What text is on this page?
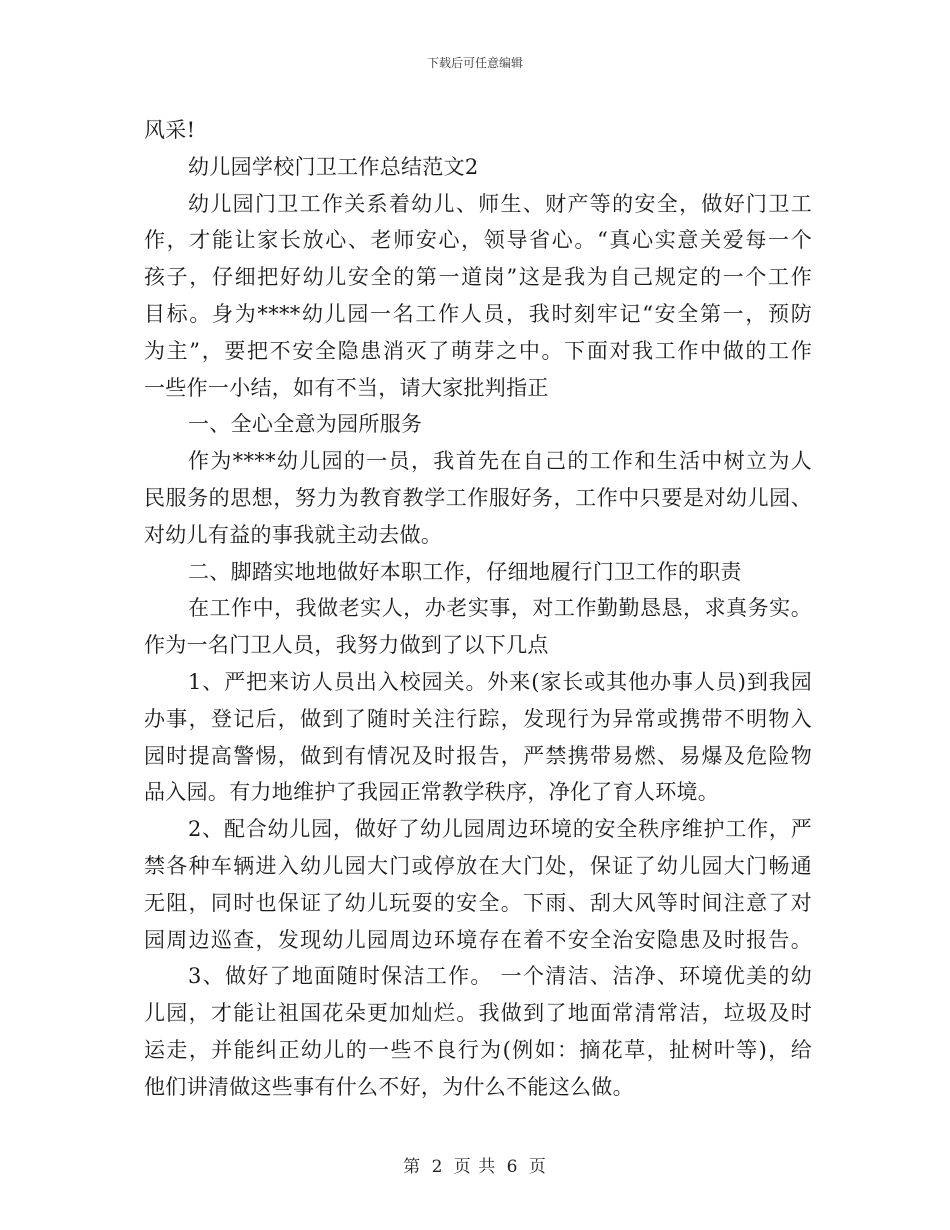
下载后可任意编辑
风采!
幼儿园学校门卫工作总结范文2
幼儿园门卫工作关系着幼儿、师生、财产等的安全，做好门卫工
作，才能让家长放心、老师安心，领导省心。“真心实意关爱每一个
孩子，仔细把好幼儿安全的第一道岗”这是我为自己规定的一个工作
目标。身为****幼儿园一名工作人员，我时刻牢记“安全第一，预防
为主”，要把不安全隐患消灭了萌芽之中。下面对我工作中做的工作
一些作一小结，如有不当，请大家批判指正
一、全心全意为园所服务
作为****幼儿园的一员，我首先在自己的工作和生活中树立为人
民服务的思想，努力为教育教学工作服好务，工作中只要是对幼儿园、
对幼儿有益的事我就主动去做。
二、脚踏实地地做好本职工作，仔细地履行门卫工作的职责
在工作中，我做老实人，办老实事，对工作勤勤恳恳，求真务实。
作为一名门卫人员，我努力做到了以下几点
1、严把来访人员出入校园关。外来(家长或其他办事人员)到我园
办事，登记后，做到了随时关注行踪，发现行为异常或携带不明物入
园时提高警惕，做到有情况及时报告，严禁携带易燃、易爆及危险物
品入园。有力地维护了我园正常教学秩序，净化了育人环境。
2、配合幼儿园，做好了幼儿园周边环境的安全秩序维护工作，严
禁各种车辆进入幼儿园大门或停放在大门处，保证了幼儿园大门畅通
无阻，同时也保证了幼儿玩耍的安全。下雨、刮大风等时间注意了对
园周边巡查，发现幼儿园周边环境存在着不安全治安隐患及时报告。
3、做好了地面随时保洁工作。 一个清洁、洁净、环境优美的幼
儿园，才能让祖国花朵更加灿烂。我做到了地面常清常洁，垃圾及时
运走，并能纠正幼儿的一些不良行为(例如：摘花草，扯树叶等)，给
他们讲清做这些事有什么不好，为什么不能这么做。
第 2 页 共 6 页
